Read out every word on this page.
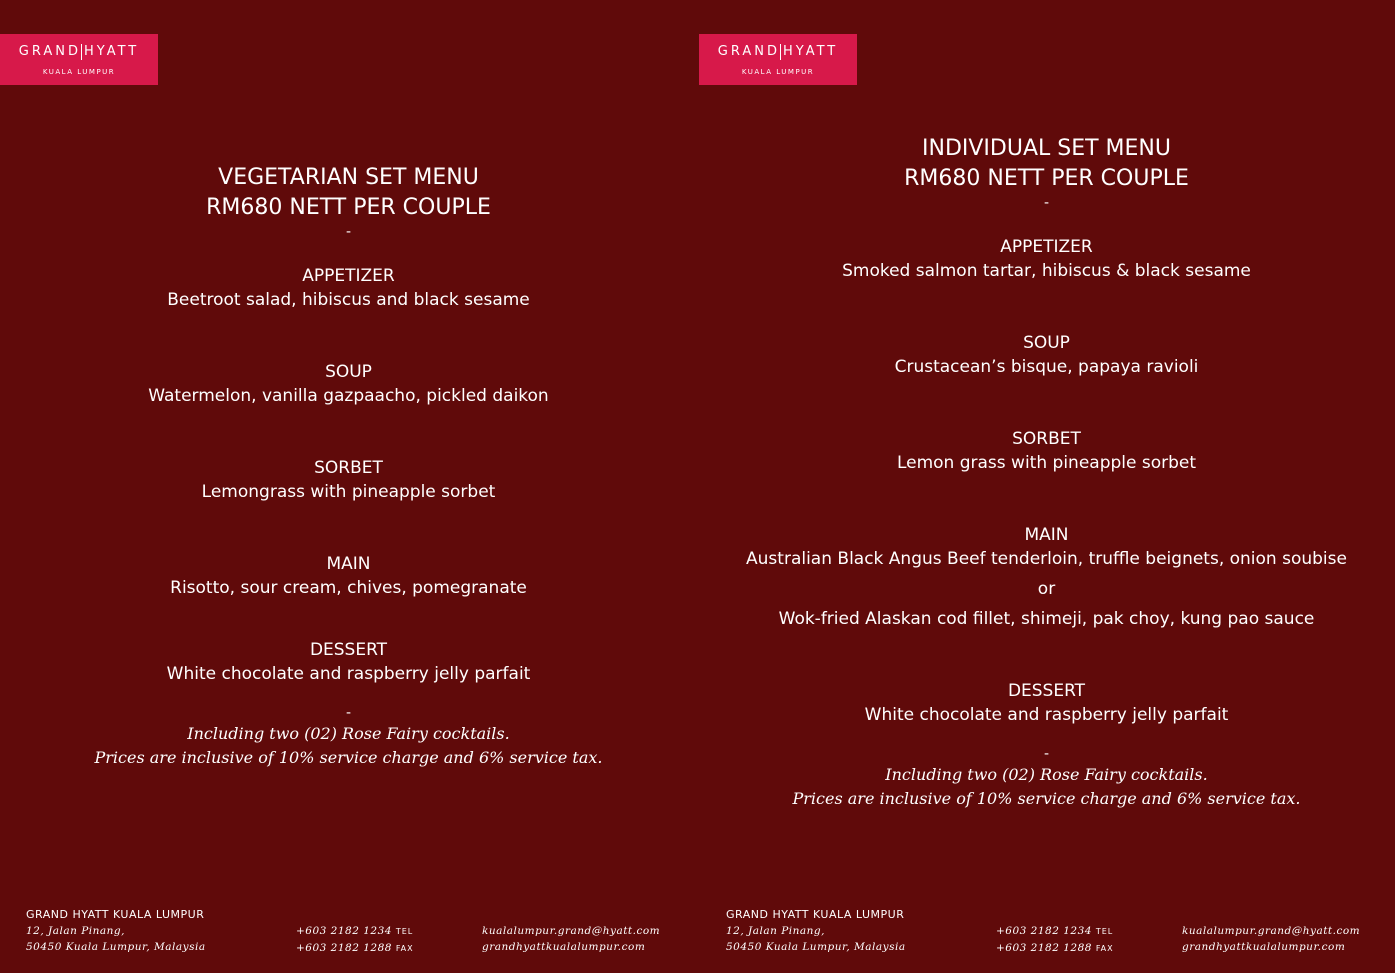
GRAND HYATT
KUALA LUMPUR
VEGETARIAN SET MENU
RM680 NETT PER COUPLE
-
APPETIZER
Beetroot salad, hibiscus and black sesame
SOUP
Watermelon, vanilla gazpaacho, pickled daikon
SORBET
Lemongrass with pineapple sorbet
MAIN
Risotto, sour cream, chives, pomegranate
DESSERT
White chocolate and raspberry jelly parfait
-
Including two (02) Rose Fairy cocktails.
Prices are inclusive of 10% service charge and 6% service tax.
GRAND HYATT KUALA LUMPUR
12, Jalan Pinang,
50450 Kuala Lumpur, Malaysia
+603 2182 1234 TEL
+603 2182 1288 FAX
kualalumpur.grand@hyatt.com
grandhyattkualalumpur.com
GRAND HYATT
KUALA LUMPUR
INDIVIDUAL SET MENU
RM680 NETT PER COUPLE
-
APPETIZER
Smoked salmon tartar, hibiscus & black sesame
SOUP
Crustacean’s bisque, papaya ravioli
SORBET
Lemon grass with pineapple sorbet
MAIN
Australian Black Angus Beef tenderloin, truffle beignets, onion soubise
or
Wok-fried Alaskan cod fillet, shimeji, pak choy, kung pao sauce
DESSERT
White chocolate and raspberry jelly parfait
-
Including two (02) Rose Fairy cocktails.
Prices are inclusive of 10% service charge and 6% service tax.
GRAND HYATT KUALA LUMPUR
12, Jalan Pinang,
50450 Kuala Lumpur, Malaysia
+603 2182 1234 TEL
+603 2182 1288 FAX
kualalumpur.grand@hyatt.com
grandhyattkualalumpur.com
